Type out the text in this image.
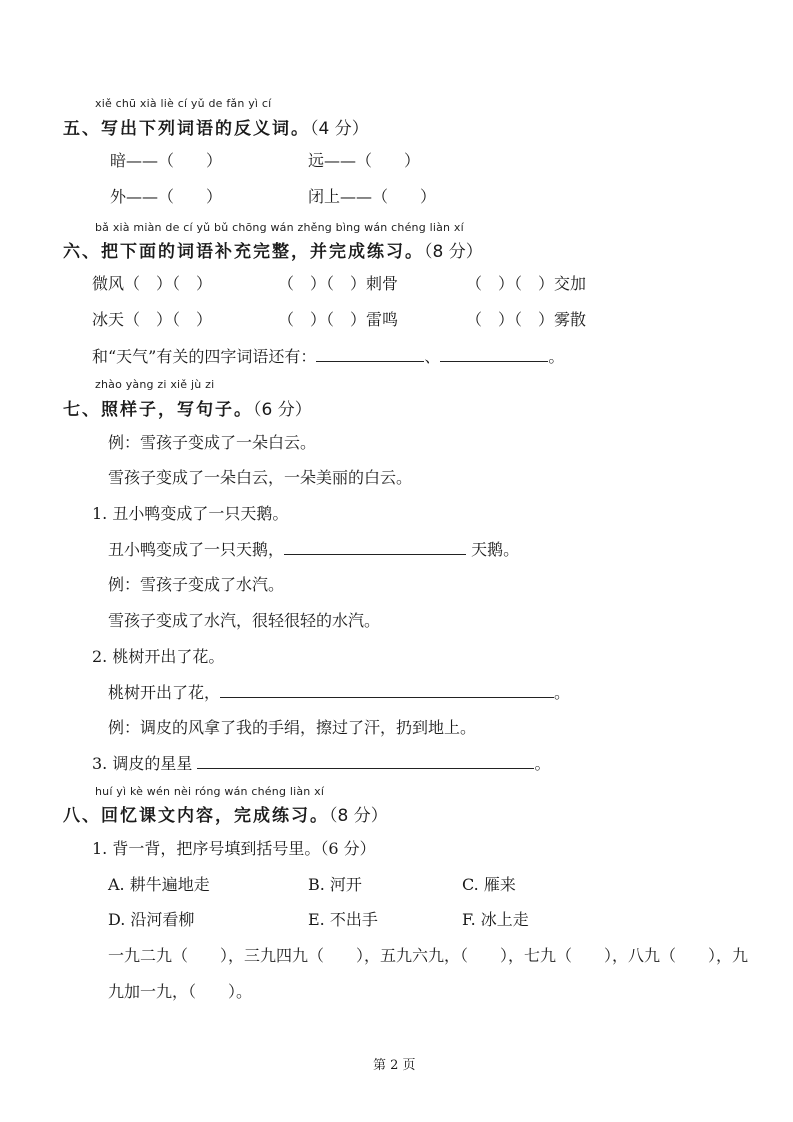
xiě chū xià liè cí yǔ de fǎn yì cí
五、写出下列词语的反义词。（4 分）
暗——（　　）	远——（　　）
外——（　　）	闭上——（　　）
bǎ xià miàn de cí yǔ bǔ chōng wán zhěng bìng wán chéng liàn xí
六、把下面的词语补充完整，并完成练习。（8 分）
微风（　）（　）	（　）（　）刺骨	（　）（　）交加
冰天（　）（　）	（　）（　）雷鸣	（　）（　）雾散
和“天气”有关的四字词语还有：	、	。
zhào yàng zi xiě jù zi
七、照样子，写句子。（6 分）
例：雪孩子变成了一朵白云。
雪孩子变成了一朵白云，一朵美丽的白云。
1. 丑小鸭变成了一只天鹅。
丑小鸭变成了一只天鹅，	天鹅。
例：雪孩子变成了水汽。
雪孩子变成了水汽，很轻很轻的水汽。
2. 桃树开出了花。
桃树开出了花，	。
例：调皮的风拿了我的手绢，擦过了汗，扔到地上。
3. 调皮的星星	。
huí yì kè wén nèi róng wán chéng liàn xí
八、回忆课文内容，完成练习。（8 分）
1. 背一背，把序号填到括号里。（6 分）
A. 耕牛遍地走	B. 河开	C. 雁来
D. 沿河看柳	E. 不出手	F. 冰上走
一九二九（　　），三九四九（　　），五九六九，（　　），七九（　　），八九（　　），九
九加一九，（　　）。
第 2 页
